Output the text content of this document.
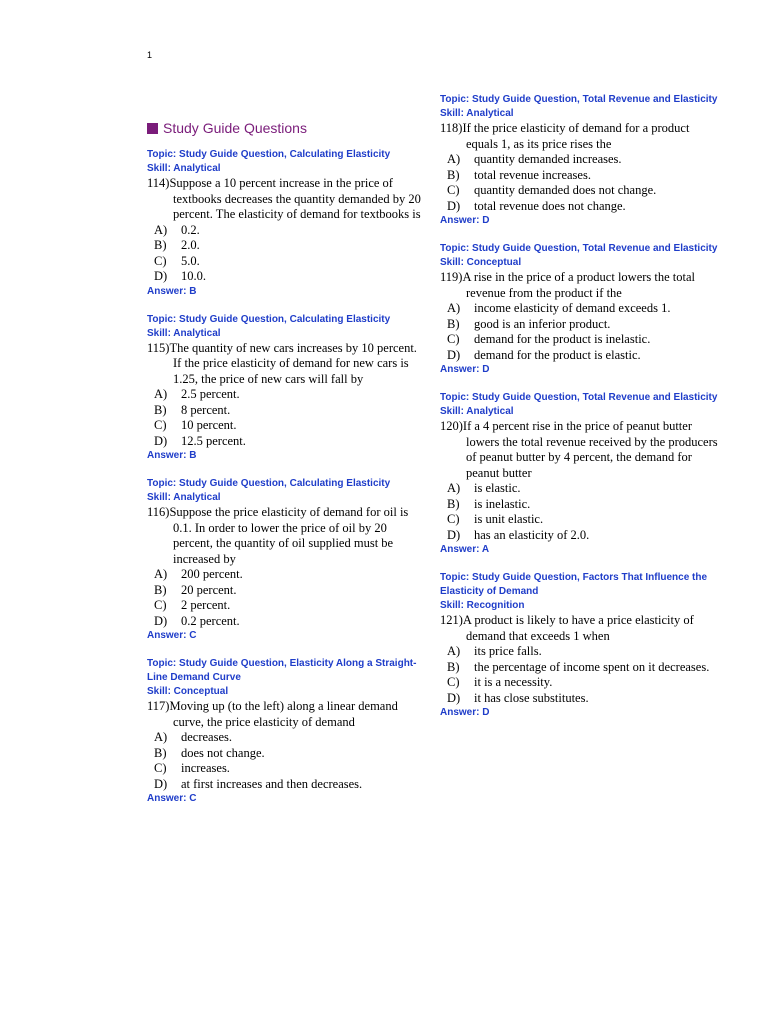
1
Study Guide Questions
Topic: Study Guide Question, Calculating Elasticity
Skill: Analytical
114)Suppose a 10 percent increase in the price of textbooks decreases the quantity demanded by 20 percent. The elasticity of demand for textbooks is
A)	0.2.
B)	2.0.
C)	5.0.
D)	10.0.
Answer: B
Topic: Study Guide Question, Calculating Elasticity
Skill: Analytical
115)The quantity of new cars increases by 10 percent. If the price elasticity of demand for new cars is 1.25, the price of new cars will fall by
A)	2.5 percent.
B)	8 percent.
C)	10 percent.
D)	12.5 percent.
Answer: B
Topic: Study Guide Question, Calculating Elasticity
Skill: Analytical
116)Suppose the price elasticity of demand for oil is 0.1. In order to lower the price of oil by 20 percent, the quantity of oil supplied must be increased by
A)	200 percent.
B)	20 percent.
C)	2 percent.
D)	0.2 percent.
Answer: C
Topic: Study Guide Question, Elasticity Along a Straight-Line Demand Curve
Skill: Conceptual
117)Moving up (to the left) along a linear demand curve, the price elasticity of demand
A)	decreases.
B)	does not change.
C)	increases.
D)	at first increases and then decreases.
Answer: C
Topic: Study Guide Question, Total Revenue and Elasticity
Skill: Analytical
118)If the price elasticity of demand for a product equals 1, as its price rises the
A)	quantity demanded increases.
B)	total revenue increases.
C)	quantity demanded does not change.
D)	total revenue does not change.
Answer: D
Topic: Study Guide Question, Total Revenue and Elasticity
Skill: Conceptual
119)A rise in the price of a product lowers the total revenue from the product if the
A)	income elasticity of demand exceeds 1.
B)	good is an inferior product.
C)	demand for the product is inelastic.
D)	demand for the product is elastic.
Answer: D
Topic: Study Guide Question, Total Revenue and Elasticity
Skill: Analytical
120)If a 4 percent rise in the price of peanut butter lowers the total revenue received by the producers of peanut butter by 4 percent, the demand for peanut butter
A)	is elastic.
B)	is inelastic.
C)	is unit elastic.
D)	has an elasticity of 2.0.
Answer: A
Topic: Study Guide Question, Factors That Influence the Elasticity of Demand
Skill: Recognition
121)A product is likely to have a price elasticity of demand that exceeds 1 when
A)	its price falls.
B)	the percentage of income spent on it decreases.
C)	it is a necessity.
D)	it has close substitutes.
Answer: D
